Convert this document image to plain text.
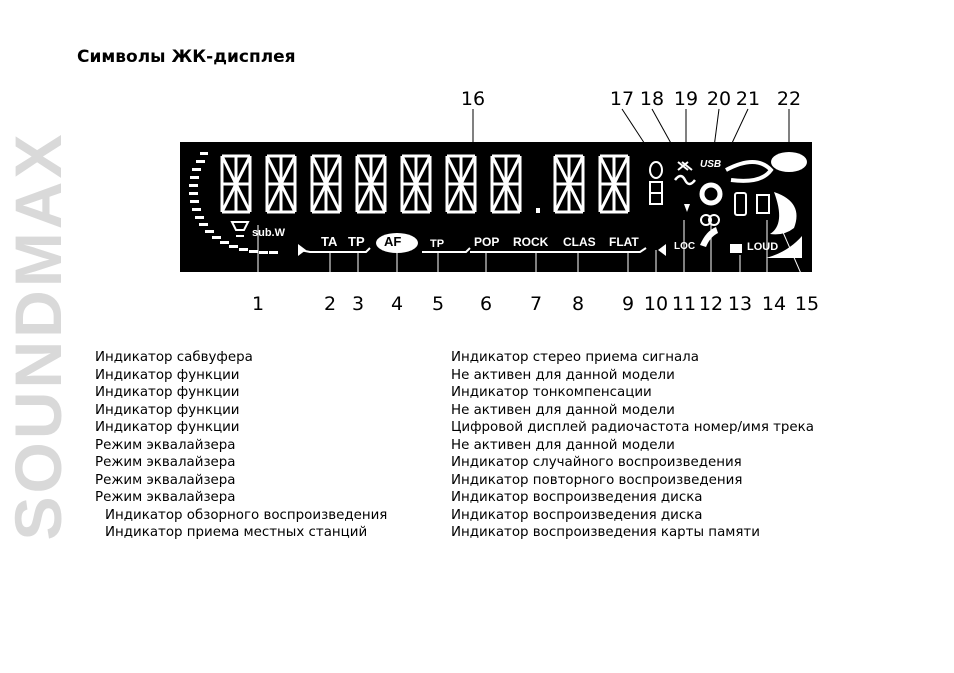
SOUNDMAX
Символы ЖК-дисплея
sub.W
TA TP AF	TP POP ROCK CLAS FLAT	LOC	LOUD
USB
16	17 18 19 20 21 22
1	2 3 4 5 6 7 8 9 10 11 12 13 14 15
Индикатор сабвуфера
Индикатор функции
Индикатор функции
Индикатор функции
Индикатор функции
Режим эквалайзера
Режим эквалайзера
Режим эквалайзера
Режим эквалайзера
Индикатор обзорного воспроизведения
Индикатор приема местных станций
Индикатор стерео приема сигнала
Не активен для данной модели
Индикатор тонкомпенсации
Не активен для данной модели
Цифровой дисплей радиочастота номер/имя трека
Не активен для данной модели
Индикатор случайного воспроизведения
Индикатор повторного воспроизведения
Индикатор воспроизведения диска
Индикатор воспроизведения диска
Индикатор воспроизведения карты памяти
